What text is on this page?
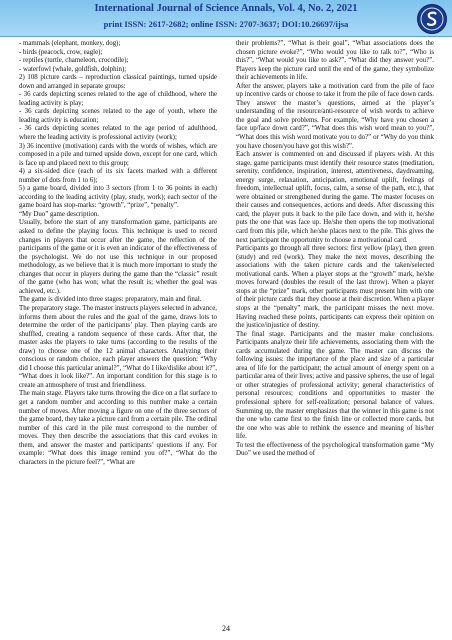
International Journal of Science Annals, Vol. 4, No. 2, 2021
print ISSN: 2617-2682; online ISSN: 2707-3637; DOI:10.26697/ijsa

- mammals (elephant, monkey, dog);

- birds (peacock, crow, eagle);

- reptiles (turtle, chameleon, crocodile);

- waterfowl (whale, goldfish, dolphin);

2) 108 picture cards – reproduction classical paintings, turned upside down and arranged in separate groups:

- 36 cards depicting scenes related to the age of childhood, where the leading activity is play;

- 36 cards depicting scenes related to the age of youth, where the leading activity is education;

- 36 cards depicting scenes related to the age period of adulthood, where the leading activity is professional activity (work);

3) 36 incentive (motivation) cards with the words of wishes, which are composed in a pile and turned upside down, except for one card, which is face up and placed next to this group;

4) a six-sided dice (each of its six facets marked with a different number of dots from 1 to 6);

5) a game board, divided into 3 sectors (from 1 to 36 points in each) according to the leading activity (play, study, work); each sector of the game board has stop-marks: “growth”, “prize”, “penalty”.

“My Duo” game description.

Usually, before the start of any transformation game, participants are asked to define the playing focus. This technique is used to record changes in players that occur after the game, the reflection of the participants of the game or it is even an indicator of the effectiveness of the psychologist. We do not use this technique in our proposed methodology, as we believe that it is much more important to study the changes that occur in players during the game than the “classic” result of the game (who has won; what the result is; whether the goal was achieved, etc.).

The game is divided into three stages: preparatory, main and final.

The preparatory stage. The master instructs players selected in advance, informs them about the rules and the goal of the game, draws lots to determine the order of the participants’ play. Then playing cards are shuffled, creating a random sequence of these cards. After that, the master asks the players to take turns (according to the results of the draw) to choose one of the 12 animal characters. Analyzing their conscious or random choice, each player answers the question: “Why did I choose this particular animal?”, “What do I like/dislike about it?”, “What does it look like?”. An important condition for this stage is to create an atmosphere of trust and friendliness.

The main stage. Players take turns throwing the dice on a flat surface to get a random number and according to this number make a certain number of moves. After moving a figure on one of the three sectors of the game board, they take a picture card from a certain pile. The ordinal number of this card in the pile must correspond to the number of moves. They then describe the associations that this card evokes in them, and answer the master and participants’ questions if any. For example: “What does this image remind you of?”, “What do the characters in the picture feel?”, “What are

their problems?”, “What is their goal”, “What associations does the chosen picture evoke?”, “Who would you like to talk to?”, “Who is this?”, “What would you like to ask?”, “What did they answer you?”. Players keep the picture card until the end of the game, they symbolize their achievements in life.

After the answer, players take a motivation card from the pile of face up incentive cards or choose to take it from the pile of face down cards. They answer the master’s questions, aimed at the player’s understanding of the resource/anti-resource of wish words to achieve the goal and solve problems. For example, “Why have you chosen a face up/face down card?”, “What does this wish word mean to you?”, “What does this wish word motivate you to do?” or “Why do you think you have chosen/you have got this wish?”.

Each answer is commented on and discussed if players wish. At this stage, game participants must identify their resource states (meditation, serenity, confidence, inspiration, interest, attentiveness, daydreaming, energy surge, relaxation, anticipation, emotional uplift, feelings of freedom, intellectual uplift, focus, calm, a sense of the path, etc.), that were obtained or strengthened during the game. The master focuses on their causes and consequences, actions and deeds. After discussing this card, the player puts it back to the pile face down, and with it, he/she puts the one that was face up. He/she then opens the top motivational card from this pile, which he/she places next to the pile. This gives the next participant the opportunity to choose a motivational card.

Participants go through all three sectors: first yellow (play), then green (study) and red (work). They make the next moves, describing the associations with the taken picture cards and the taken/selected motivational cards. When a player stops at the “growth” mark, he/she moves forward (doubles the result of the last throw). When a player stops at the “prize” mark, other participants must present him with one of their picture cards that they choose at their discretion. When a player stops at the “penalty” mark, the participant misses the next move. Having reached these points, participants can express their opinion on the justice/injustice of destiny.

The final stage. Participants and the master make conclusions. Participants analyze their life achievements, associating them with the cards accumulated during the game. The master can discuss the following issues: the importance of the place and size of a particular area of life for the participant; the actual amount of energy spent on a particular area of their lives; active and passive spheres, the use of legal or other strategies of professional activity; general characteristics of personal resources; conditions and opportunities to master the professional sphere for self-realization; personal balance of values. Summing up, the master emphasizes that the winner in this game is not the one who came first to the finish line or collected more cards, but the one who was able to rethink the essence and meaning of his/her life.

To test the effectiveness of the psychological transformation game “My Duo” we used the method of

24
